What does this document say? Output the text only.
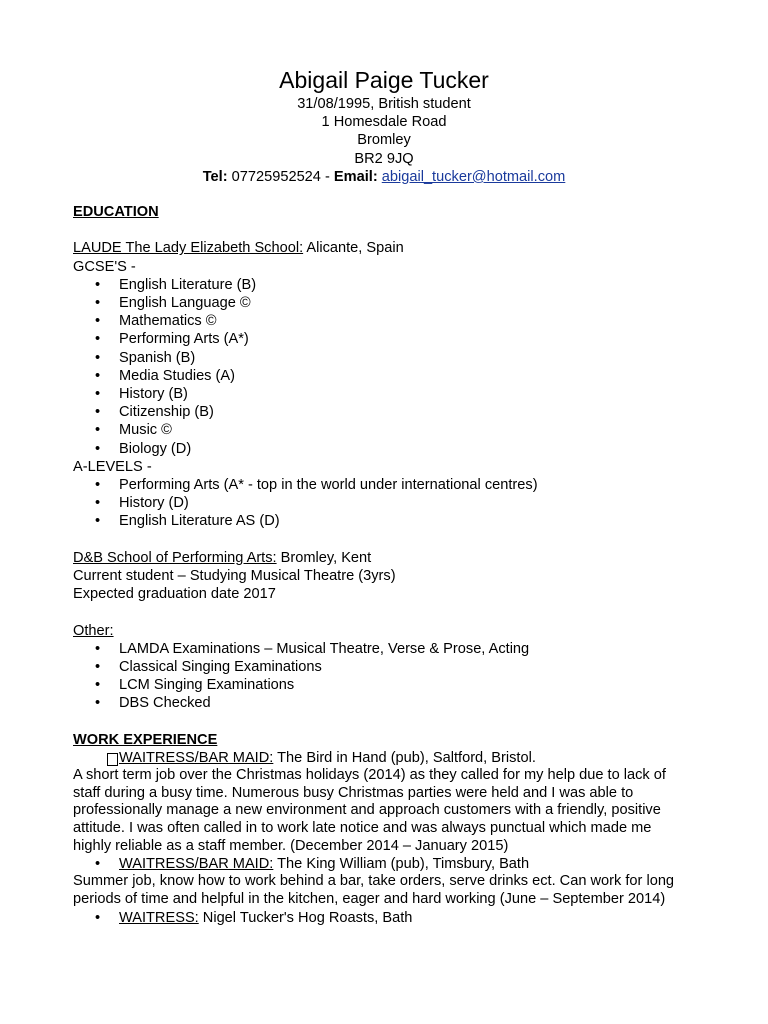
Abigail Paige Tucker
31/08/1995, British student
1 Homesdale Road
Bromley
BR2 9JQ
Tel: 07725952524 - Email: abigail_tucker@hotmail.com
EDUCATION
LAUDE The Lady Elizabeth School: Alicante, Spain
GCSE'S -
• English Literature (B)
• English Language ©
• Mathematics ©
• Performing Arts (A*)
• Spanish (B)
• Media Studies (A)
• History (B)
• Citizenship (B)
• Music ©
• Biology (D)
A-LEVELS -
• Performing Arts (A* - top in the world under international centres)
• History (D)
• English Literature AS (D)
D&B School of Performing Arts: Bromley, Kent
Current student – Studying Musical Theatre (3yrs)
Expected graduation date 2017
Other:
• LAMDA Examinations – Musical Theatre, Verse & Prose, Acting
• Classical Singing Examinations
• LCM Singing Examinations
• DBS Checked
WORK EXPERIENCE
WAITRESS/BAR MAID: The Bird in Hand (pub), Saltford, Bristol.
A short term job over the Christmas holidays (2014) as they called for my help due to lack of staff during a busy time. Numerous busy Christmas parties were held and I was able to professionally manage a new environment and approach customers with a friendly, positive attitude. I was often called in to work late notice and was always punctual which made me highly reliable as a staff member. (December 2014 – January 2015)
• WAITRESS/BAR MAID: The King William (pub), Timsbury, Bath
Summer job, know how to work behind a bar, take orders, serve drinks ect. Can work for long periods of time and helpful in the kitchen, eager and hard working (June – September 2014)
• WAITRESS: Nigel Tucker's Hog Roasts, Bath
